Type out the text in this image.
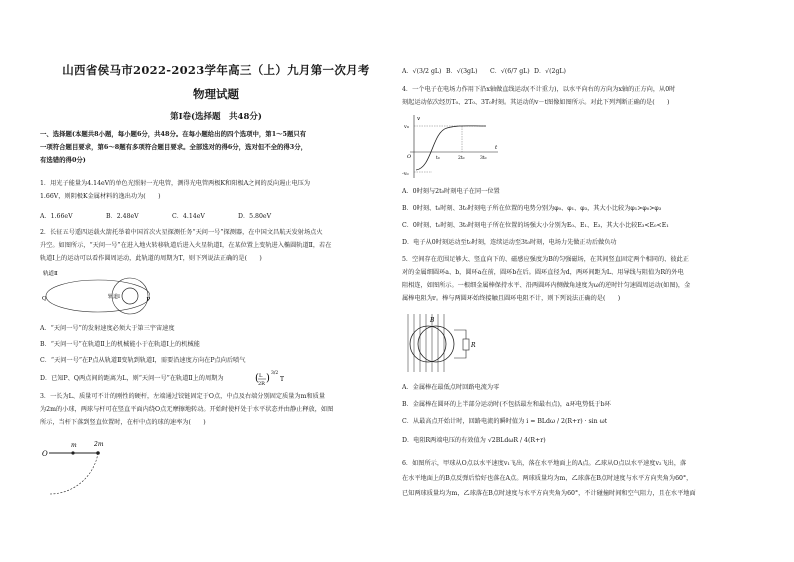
山西省侯马市2022-2023学年高三（上）九月第一次月考
物理试题
第Ⅰ卷(选择题　共48分)
一、选择题(本题共8小题，每小题6分，共48分。在每小题给出的四个选项中，第1～5题只有
一项符合题目要求，第6～8题有多项符合题目要求。全部选对的得6分，选对但不全的得3分，
有选错的得0分)
1．用光子能量为4.14eV的单色光照射一光电管，测得光电管两极K和阳极A之间的反向遏止电压为
1.66V，则阴极K金属材料的逸出功为(　　)
A．1.66eV	B．2.48eV	C．4.14eV	D．5.80eV
2．长征五号遥四运载火箭托举着中国首次火星探测任务“天问一号”探测器，在中国文昌航天发射场点火
升空。如图所示，“天问一号”在进入地火转移轨道后进入火星轨道Ⅰ，在某位置上变轨进入椭圆轨道Ⅱ，若在
轨道Ⅰ上的运动可以看作圆周运动，此轨道的周期为T，则下列说法正确的是(　　)
轨道Ⅱ
轨道Ⅰ
Q	P
A．“天问一号”的发射速度必须大于第三宇宙速度
B．“天问一号”在轨道Ⅱ上的机械能小于在轨道Ⅰ上的机械能
C．“天问一号”在P点从轨道Ⅱ变轨到轨道Ⅰ，需要沿速度方向在P点向后喷气
D．已知P、Q两点间的距离为L，则“天问一号”在轨道Ⅱ上的周期为	( L
2R ) 3/2
T
3．一长为L、质量可不计的刚性的硬杆，左端通过铰链固定于O点，中点及右端分别固定质量为m和质量
为2m的小球，两球与杆可在竖直平面内绕O点无摩擦地转动。开始时使杆处于水平状态并由静止释放，如图
所示，当杆下落到竖直位置时，在杆中点的球的速率为(　　)
O
m	2m
A．√(3/2 gL) B．√(3gL) C．√(6/7 gL) D．√(2gL)
4．一个电子在电场力作用下沿x轴做直线运动(不计重力)，以水平向右的方向为x轴的正方向，从0时
刻起运动依次经历T₀、2T₀、3T₀时刻。其运动的v－t图像如图所示。对此下列判断正确的是(　　)
v
t
v₀
-v₀
O	t₀	2t₀	3t₀
A．0时刻与2t₀时刻电子在同一位置
B．0时刻、t₀时刻、3t₀时刻电子所在位置的电势分别为φ₀、φ₁、φ₃，其大小比较为φ₁>φ₀>φ₃
C．0时刻、t₀时刻、3t₀时刻电子所在位置的场强大小分别为E₀、E₁、E₃，其大小比较E₃<E₀<E₁
D．电子从0时刻运动至t₀时刻，连续运动至3t₀时刻，电场力先做正功后做负功
5．空间存在范围足够大、竖直向下的、磁感应强度为B的匀强磁场，在其间竖直固定两个相同的、彼此正
对的金属细圆环a、b，圆环a在前，圆环b在后。圆环直径为d，两环间距为L、用导线与阻值为R的外电
阻相连，如图所示。一根细金属棒保持水平、沿两圆环内侧做角速度为ω的逆时针匀速圆周运动(如图)，金
属棒电阻为r。棒与两圆环始终接触且圆环电阻不计，则下列说法正确的是(　　)
B
R
A．金属棒在最低点时回路电流为零
B．金属棒在圆环的上半部分运动时(不包括最左和最右点)，a环电势低于b环
C．从最高点开始计时，回路电流的瞬时值为 i = BLdω / 2(R+r) · sin ωt
D．电阻R两端电压的有效值为 √2BLdωR / 4(R+r)
6．如图所示，甲球从O点以水平速度v₁飞出，落在水平地面上的A点。乙球从O点以水平速度v₂飞出，落
在水平地面上的B点反弹后恰好也落在A点。两球质量均为m，乙球落在B点时速度与水平方向夹角为60°，
已知两球质量均为m，乙球落在B点时速度与水平方向夹角为60°，不计碰撞时间和空气阻力，且在水平地面
